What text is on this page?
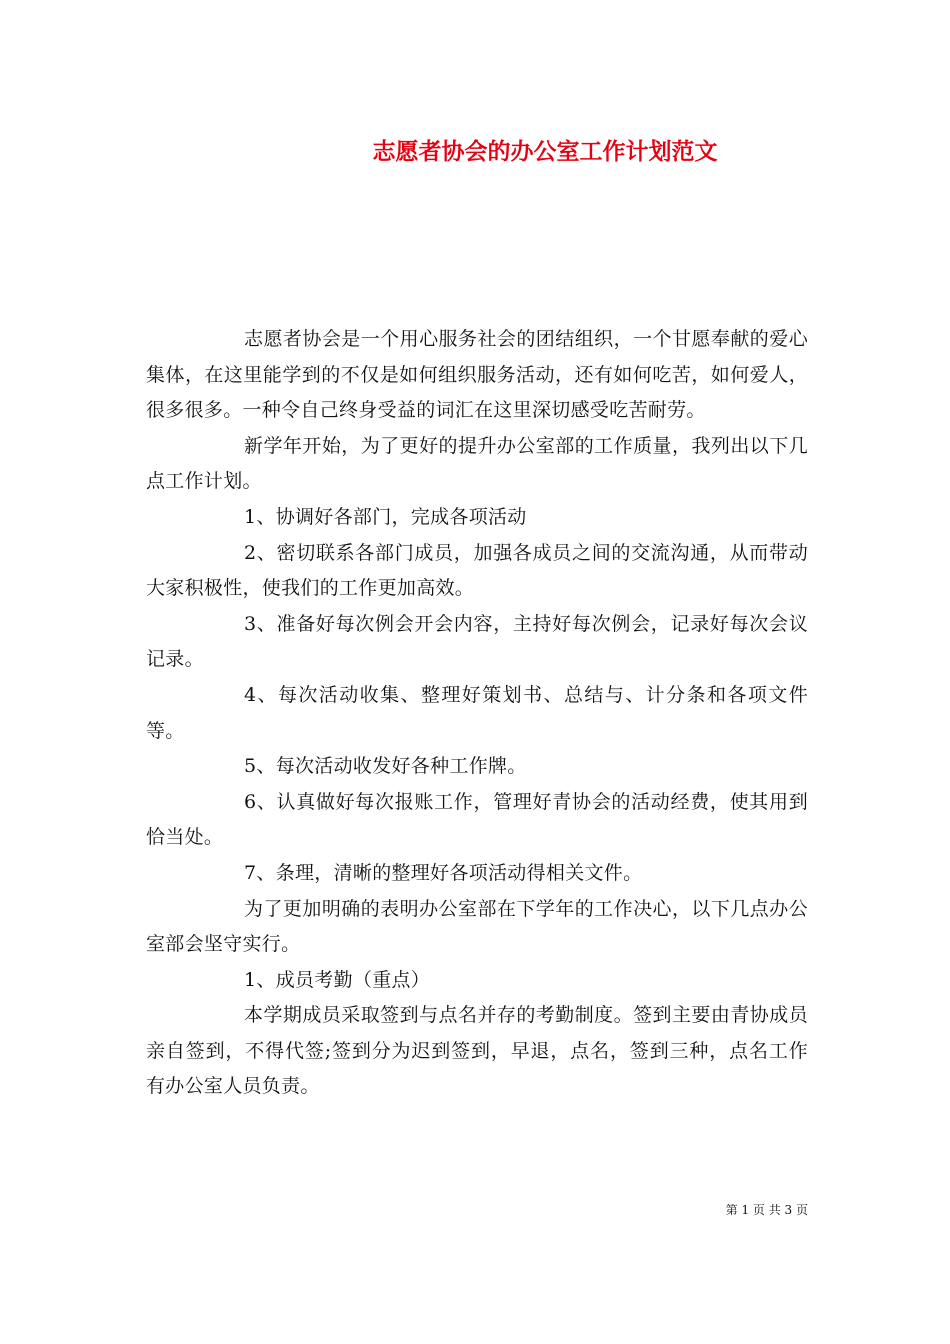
志愿者协会的办公室工作计划范文

志愿者协会是一个用心服务社会的团结组织，一个甘愿奉献的爱心集体，在这里能学到的不仅是如何组织服务活动，还有如何吃苦，如何爱人，很多很多。一种令自己终身受益的词汇在这里深切感受吃苦耐劳。

新学年开始，为了更好的提升办公室部的工作质量，我列出以下几点工作计划。

1、协调好各部门，完成各项活动

2、密切联系各部门成员，加强各成员之间的交流沟通，从而带动大家积极性，使我们的工作更加高效。

3、准备好每次例会开会内容，主持好每次例会，记录好每次会议记录。

4、每次活动收集、整理好策划书、总结与、计分条和各项文件等。

5、每次活动收发好各种工作牌。

6、认真做好每次报账工作，管理好青协会的活动经费，使其用到恰当处。

7、条理，清晰的整理好各项活动得相关文件。

为了更加明确的表明办公室部在下学年的工作决心，以下几点办公室部会坚守实行。

1、成员考勤（重点）

本学期成员采取签到与点名并存的考勤制度。签到主要由青协成员亲自签到，不得代签;签到分为迟到签到，早退，点名，签到三种，点名工作有办公室人员负责。

第 1 页 共 3 页
